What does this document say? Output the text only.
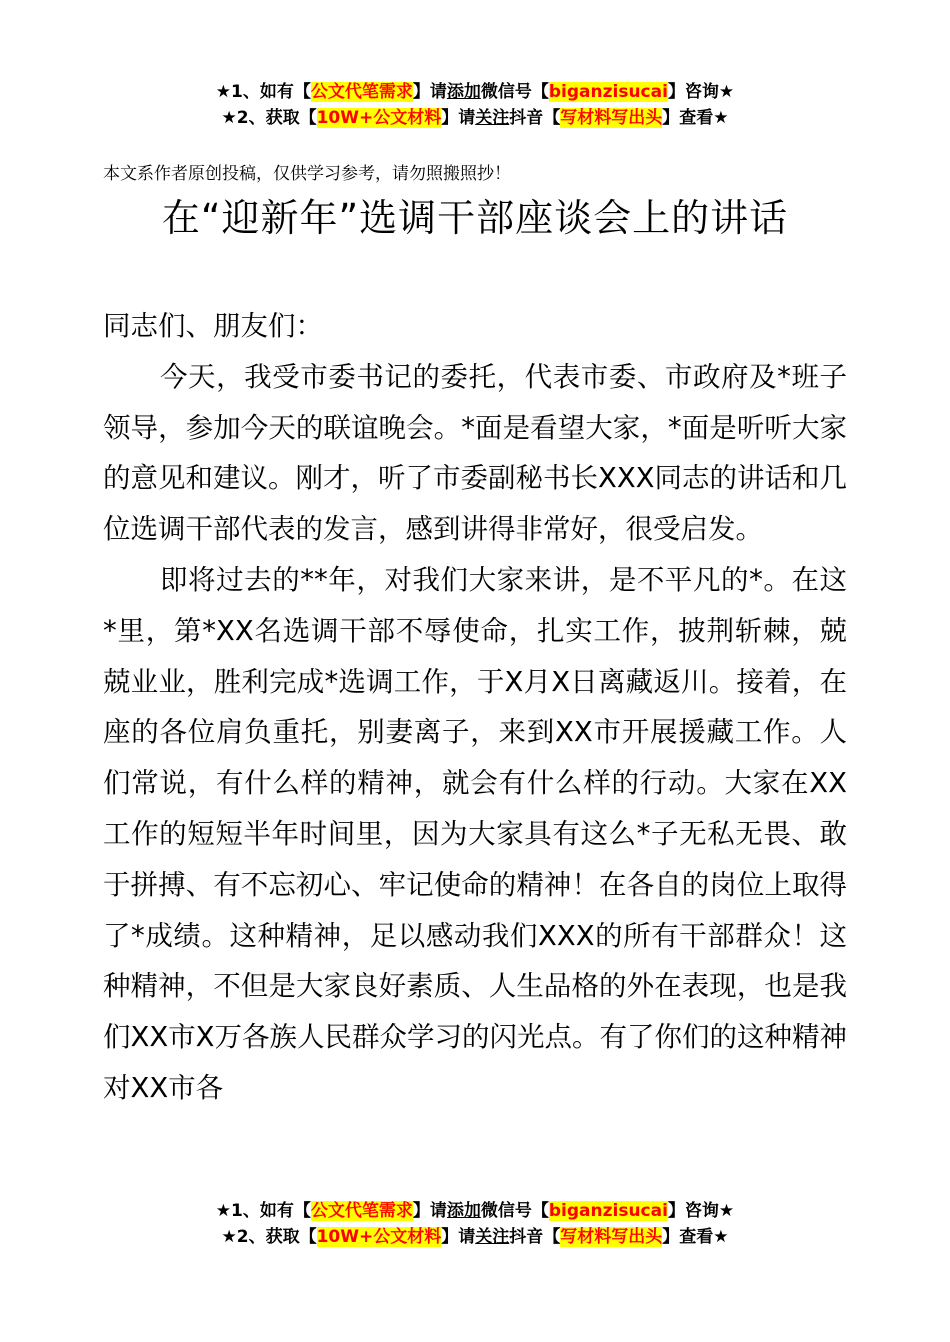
★1、如有【公文代笔需求】请添加微信号【biganzisucai】咨询★
★2、获取【10W+公文材料】请关注抖音【写材料写出头】查看★
本文系作者原创投稿，仅供学习参考，请勿照搬照抄！
在“迎新年”选调干部座谈会上的讲话

同志们、朋友们：

今天，我受市委书记的委托，代表市委、市政府及*班子领导，参加今天的联谊晚会。*面是看望大家，*面是听听大家的意见和建议。刚才，听了市委副秘书长XXX同志的讲话和几位选调干部代表的发言，感到讲得非常好，很受启发。

即将过去的**年，对我们大家来讲，是不平凡的*。在这*里，第*XX名选调干部不辱使命，扎实工作，披荆斩棘，兢兢业业，胜利完成*选调工作，于X月X日离藏返川。接着，在座的各位肩负重托，别妻离子，来到XX市开展援藏工作。人们常说，有什么样的精神，就会有什么样的行动。大家在XX工作的短短半年时间里，因为大家具有这么*子无私无畏、敢于拼搏、有不忘初心、牢记使命的精神！在各自的岗位上取得了*成绩。这种精神，足以感动我们XXX的所有干部群众！这种精神，不但是大家良好素质、人生品格的外在表现，也是我们XX市X万各族人民群众学习的闪光点。有了你们的这种精神对XX市各

★1、如有【公文代笔需求】请添加微信号【biganzisucai】咨询★
★2、获取【10W+公文材料】请关注抖音【写材料写出头】查看★
